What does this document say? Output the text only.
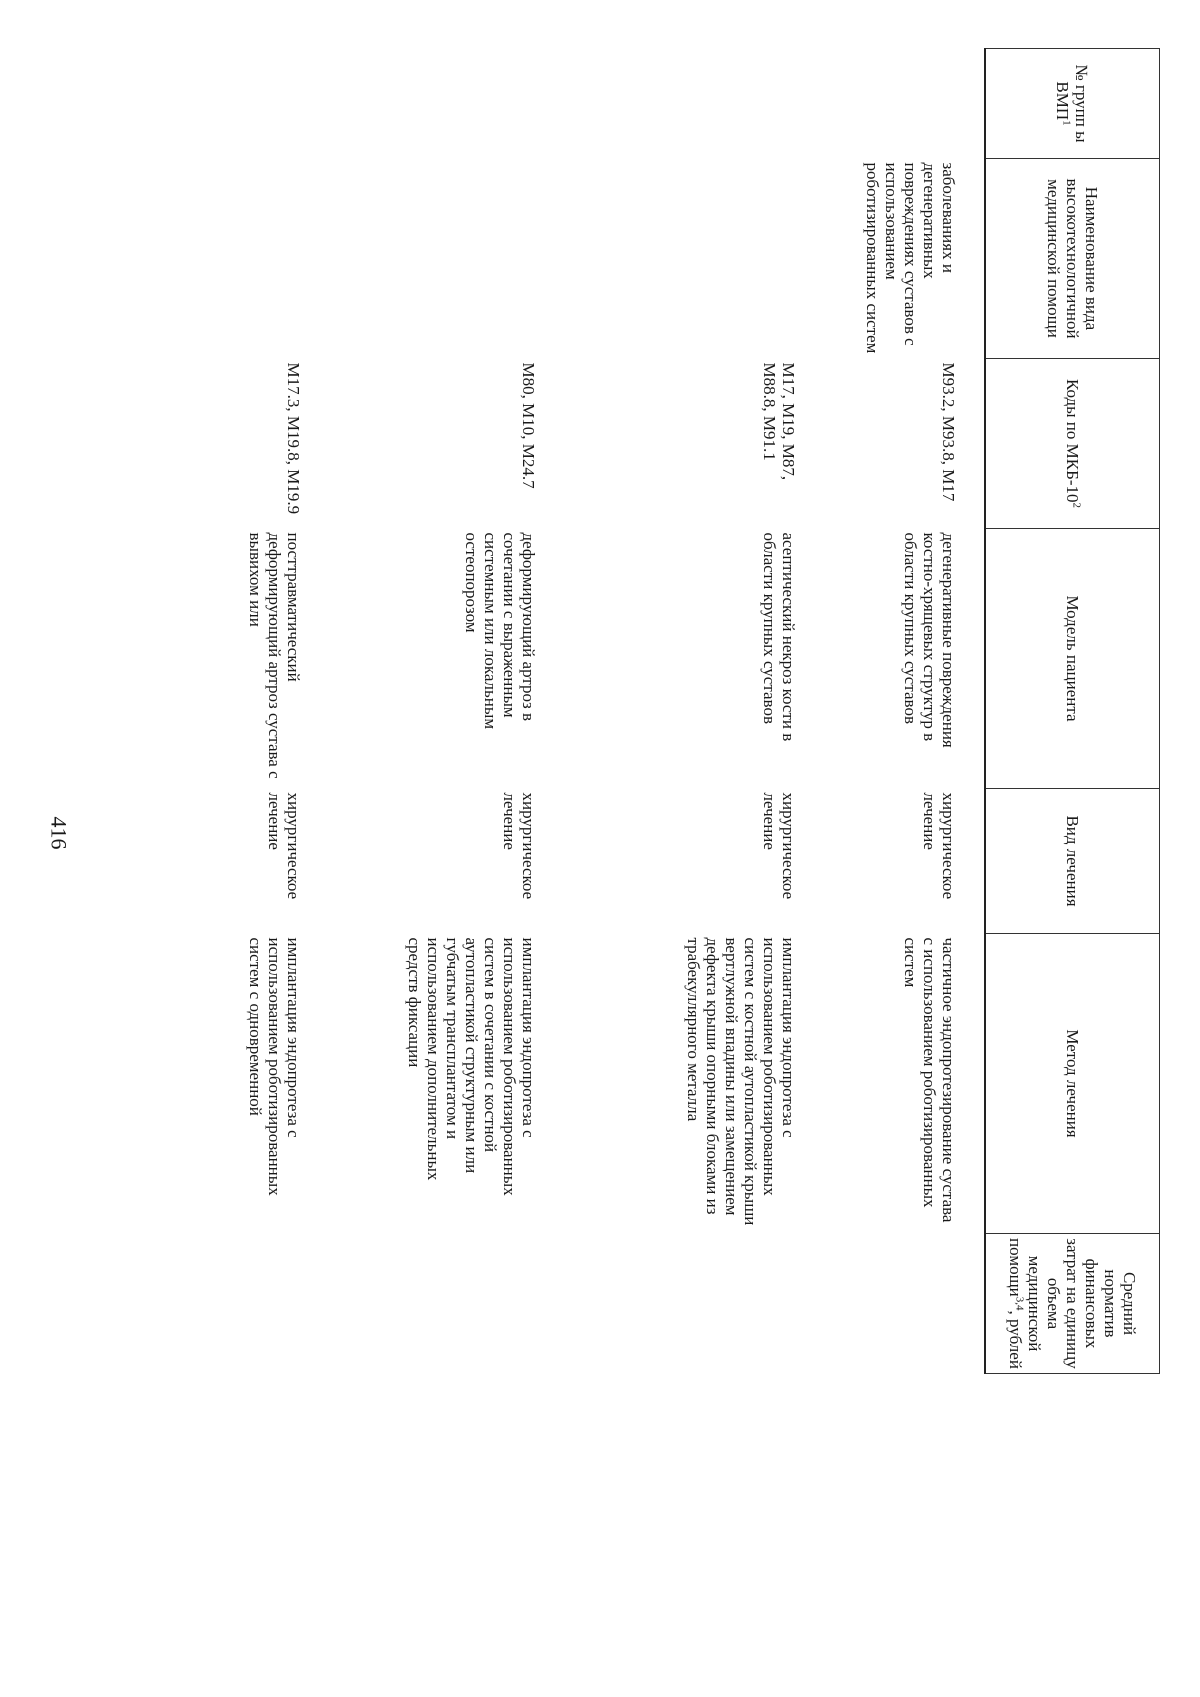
416
№ групп ы ВМП$^1$	Наименование вида высокотехнологичной медицинской помощи	Коды по МКБ-$10^2$	Модель пациента	Вид лечения	Метод лечения	Средний норматив финансовых затрат на единицу объема медицинской помощи$^{3,4}$, рублей

	заболеваниях и дегенеративных повреждениях суставов с использованием роботизированных систем	M93.2, M93.8, M17	дегенеративные повреждения костно-хрящевых структур в области крупных суставов	хирургическое лечение	частичное эндопротезирование сустава с использованием роботизированных систем	
		M17, M19, M87, M88.8, M91.1	асептический некроз кости в области крупных суставов	хирургическое лечение	имплантация эндопротеза с использованием роботизированных систем с костной аутопластикой крыши вертлужной впадины или замещением дефекта крыши опорными блоками из трабекуллярного металла	
		M80, M10, M24.7	деформирующий артроз в сочетании с выраженным системным или локальным остеопорозом	хирургическое лечение	имплантация эндопротеза с использованием роботизированных систем в сочетании с костной аутопластикой структурным или губчатым трансплантатом и использованием дополнительных средств фиксации	
		M17.3, M19.8, M19.9	посттравматический деформирующий артроз сустава с вывихом или	хирургическое лечение	имплантация эндопротеза с использованием роботизированных систем с одновременной	
